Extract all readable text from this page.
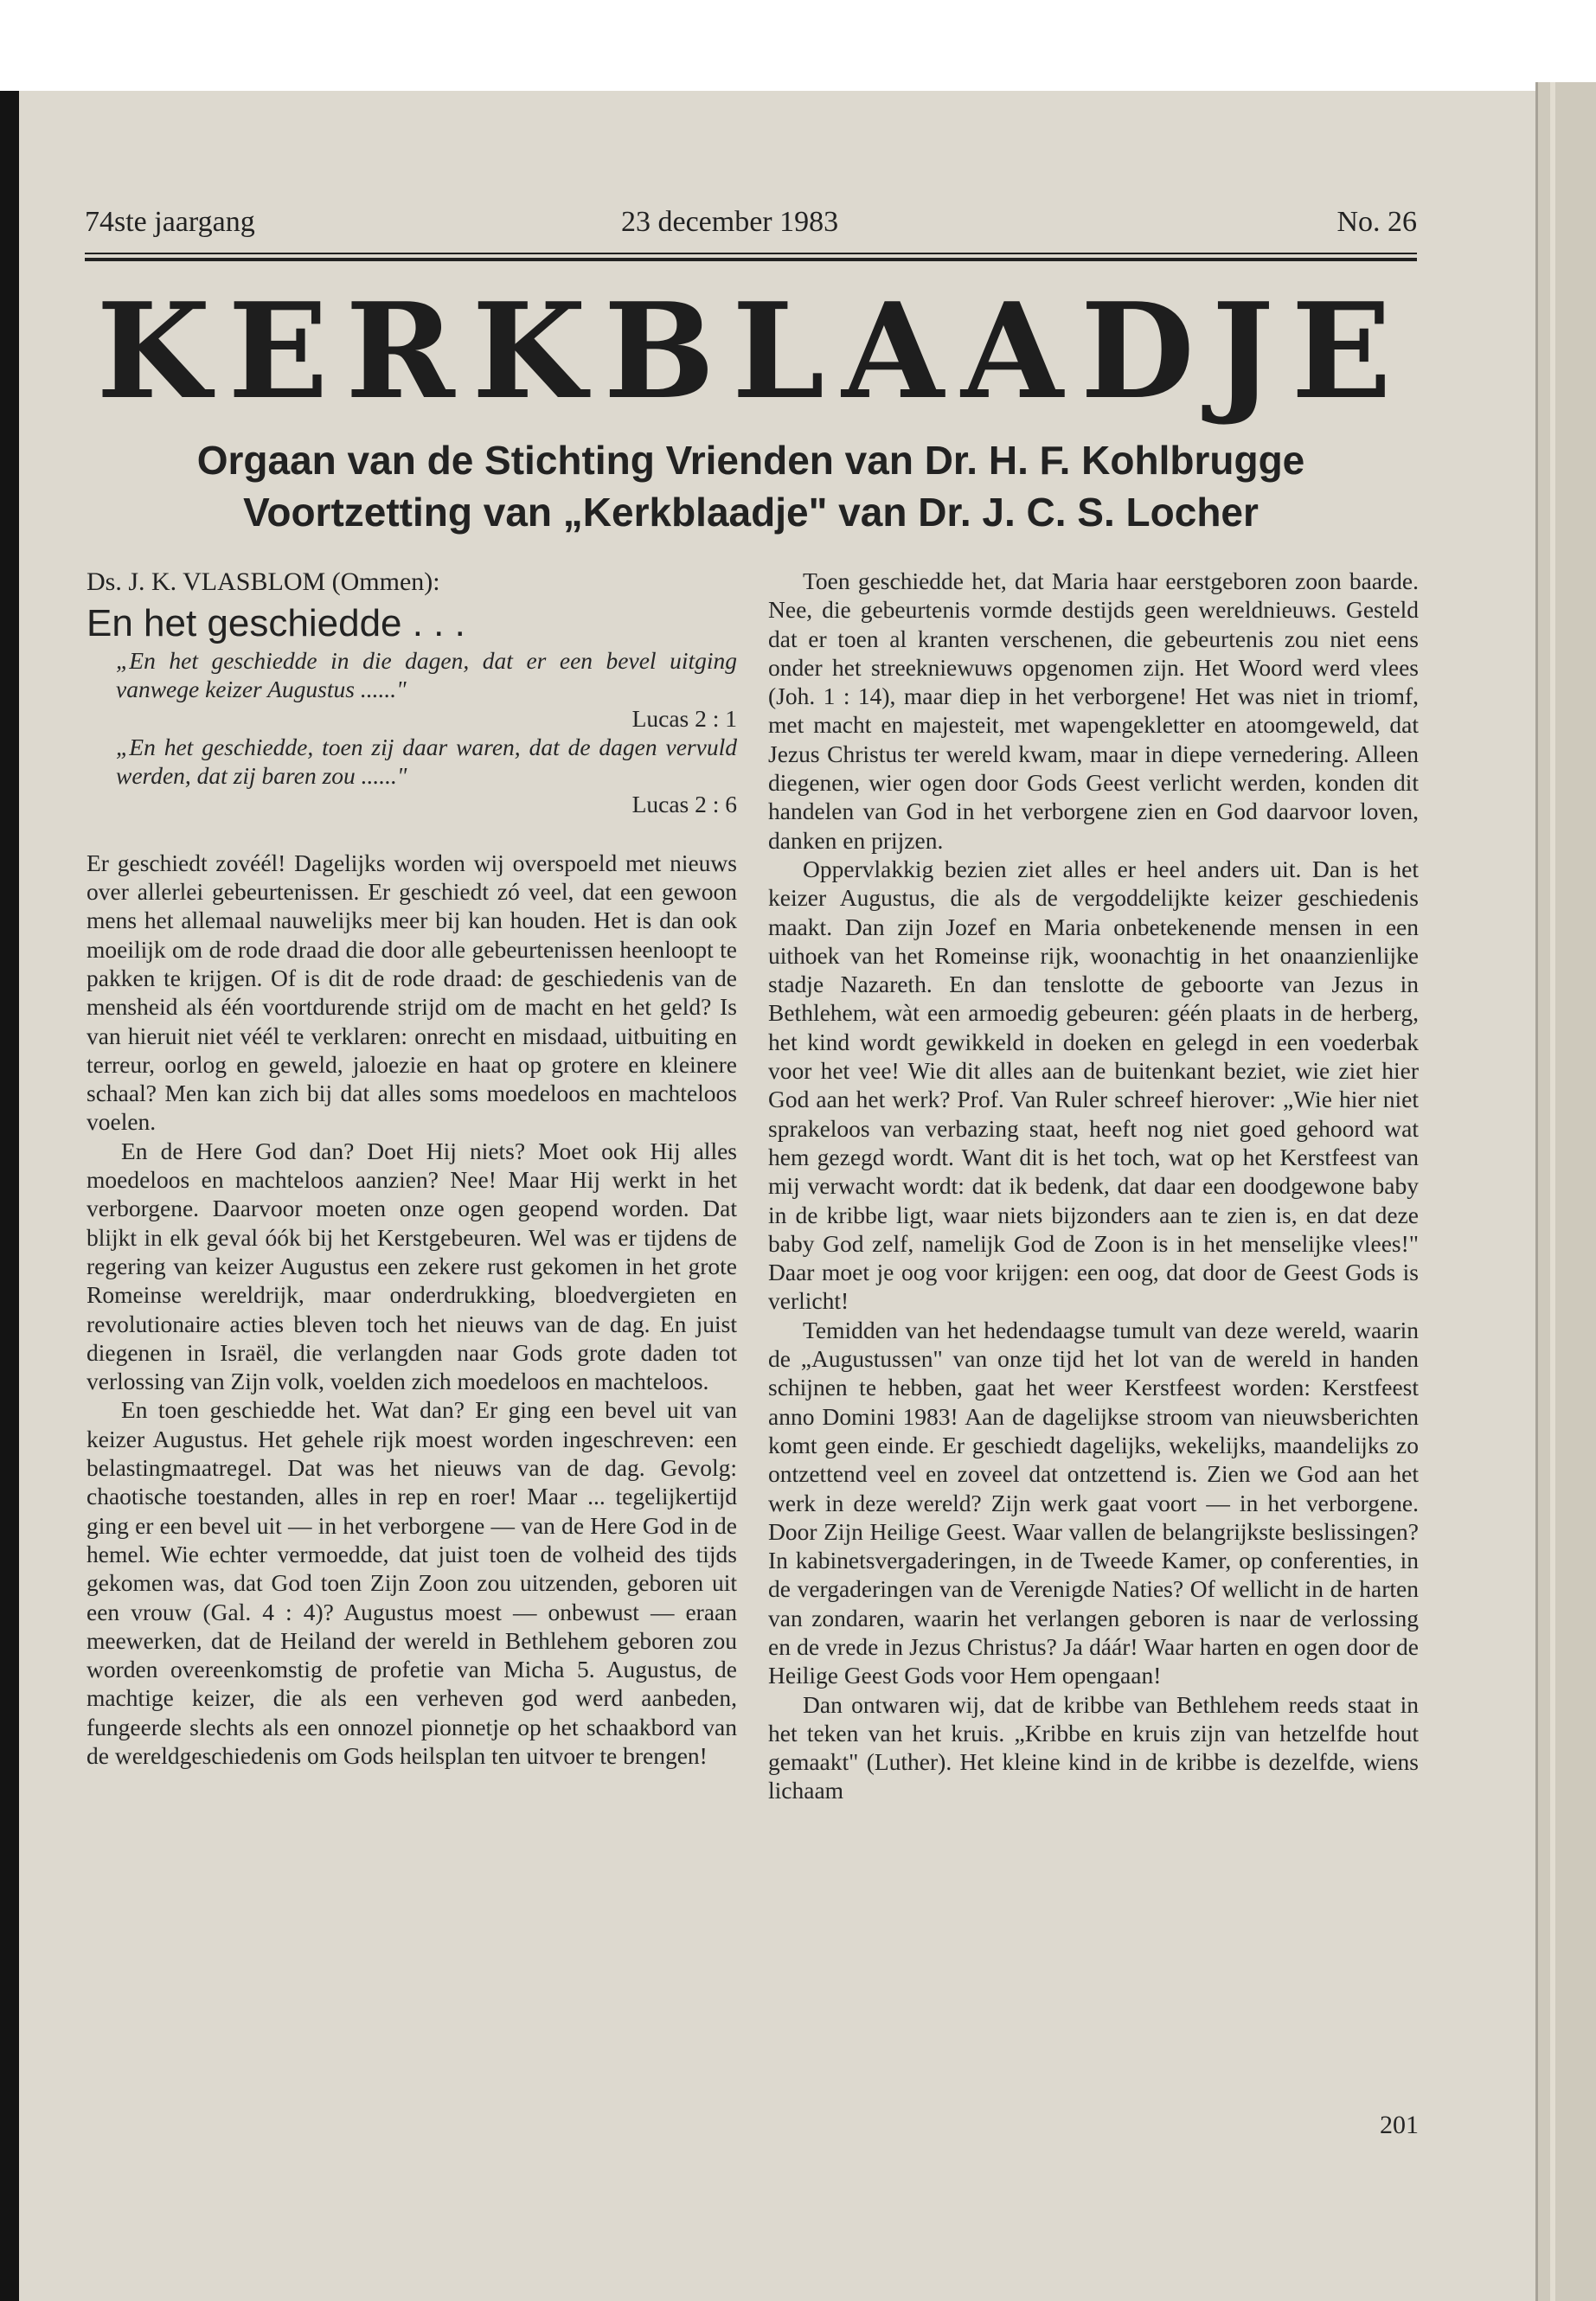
74ste jaargang	23 december 1983	No. 26
KERKBLAADJE
Orgaan van de Stichting Vrienden van Dr. H. F. Kohlbrugge
Voortzetting van „Kerkblaadje" van Dr. J. C. S. Locher
Ds. J. K. VLASBLOM (Ommen):
En het geschiedde . . .

„En het geschiedde in die dagen, dat er een bevel uitging vanwege keizer Augustus ......"

Lucas 2 : 1

„En het geschiedde, toen zij daar waren, dat de dagen vervuld werden, dat zij baren zou ......"

Lucas 2 : 6

Er geschiedt zovéél! Dagelijks worden wij overspoeld met nieuws over allerlei gebeurtenissen. Er geschiedt zó veel, dat een gewoon mens het allemaal nauwelijks meer bij kan houden. Het is dan ook moeilijk om de rode draad die door alle gebeurtenissen heenloopt te pakken te krijgen. Of is dit de rode draad: de geschiedenis van de mensheid als één voortdurende strijd om de macht en het geld? Is van hieruit niet véél te verklaren: onrecht en misdaad, uitbuiting en terreur, oorlog en geweld, jaloezie en haat op grotere en kleinere schaal? Men kan zich bij dat alles soms moedeloos en machteloos voelen.

En de Here God dan? Doet Hij niets? Moet ook Hij alles moedeloos en machteloos aanzien? Nee! Maar Hij werkt in het verborgene. Daarvoor moeten onze ogen geopend worden. Dat blijkt in elk geval óók bij het Kerstgebeuren. Wel was er tijdens de regering van keizer Augustus een zekere rust gekomen in het grote Romeinse wereldrijk, maar onderdrukking, bloedvergieten en revolutionaire acties bleven toch het nieuws van de dag. En juist diegenen in Israël, die verlangden naar Gods grote daden tot verlossing van Zijn volk, voelden zich moedeloos en machteloos.

En toen geschiedde het. Wat dan? Er ging een bevel uit van keizer Augustus. Het gehele rijk moest worden ingeschreven: een belastingmaatregel. Dat was het nieuws van de dag. Gevolg: chaotische toestanden, alles in rep en roer! Maar ... tegelijkertijd ging er een bevel uit — in het verborgene — van de Here God in de hemel. Wie echter vermoedde, dat juist toen de volheid des tijds gekomen was, dat God toen Zijn Zoon zou uitzenden, geboren uit een vrouw (Gal. 4 : 4)? Augustus moest — onbewust — eraan meewerken, dat de Heiland der wereld in Bethlehem geboren zou worden overeenkomstig de profetie van Micha 5. Augustus, de machtige keizer, die als een verheven god werd aanbeden, fungeerde slechts als een onnozel pionnetje op het schaakbord van de wereldgeschiedenis om Gods heilsplan ten uitvoer te brengen!

Toen geschiedde het, dat Maria haar eerstgeboren zoon baarde. Nee, die gebeurtenis vormde destijds geen wereldnieuws. Gesteld dat er toen al kranten verschenen, die gebeurtenis zou niet eens onder het streekniewuws opgenomen zijn. Het Woord werd vlees (Joh. 1 : 14), maar diep in het verborgene! Het was niet in triomf, met macht en majesteit, met wapengekletter en atoomgeweld, dat Jezus Christus ter wereld kwam, maar in diepe vernedering. Alleen diegenen, wier ogen door Gods Geest verlicht werden, konden dit handelen van God in het verborgene zien en God daarvoor loven, danken en prijzen.

Oppervlakkig bezien ziet alles er heel anders uit. Dan is het keizer Augustus, die als de vergoddelijkte keizer geschiedenis maakt. Dan zijn Jozef en Maria onbetekenende mensen in een uithoek van het Romeinse rijk, woonachtig in het onaanzienlijke stadje Nazareth. En dan tenslotte de geboorte van Jezus in Bethlehem, wàt een armoedig gebeuren: géén plaats in de herberg, het kind wordt gewikkeld in doeken en gelegd in een voederbak voor het vee! Wie dit alles aan de buitenkant beziet, wie ziet hier God aan het werk? Prof. Van Ruler schreef hierover: „Wie hier niet sprakeloos van verbazing staat, heeft nog niet goed gehoord wat hem gezegd wordt. Want dit is het toch, wat op het Kerstfeest van mij verwacht wordt: dat ik bedenk, dat daar een doodgewone baby in de kribbe ligt, waar niets bijzonders aan te zien is, en dat deze baby God zelf, namelijk God de Zoon is in het menselijke vlees!" Daar moet je oog voor krijgen: een oog, dat door de Geest Gods is verlicht!

Temidden van het hedendaagse tumult van deze wereld, waarin de „Augustussen" van onze tijd het lot van de wereld in handen schijnen te hebben, gaat het weer Kerstfeest worden: Kerstfeest anno Domini 1983! Aan de dagelijkse stroom van nieuwsberichten komt geen einde. Er geschiedt dagelijks, wekelijks, maandelijks zo ontzettend veel en zoveel dat ontzettend is. Zien we God aan het werk in deze wereld? Zijn werk gaat voort — in het verborgene. Door Zijn Heilige Geest. Waar vallen de belangrijkste beslissingen? In kabinetsvergaderingen, in de Tweede Kamer, op conferenties, in de vergaderingen van de Verenigde Naties? Of wellicht in de harten van zondaren, waarin het verlangen geboren is naar de verlossing en de vrede in Jezus Christus? Ja dáár! Waar harten en ogen door de Heilige Geest Gods voor Hem opengaan!

Dan ontwaren wij, dat de kribbe van Bethlehem reeds staat in het teken van het kruis. „Kribbe en kruis zijn van hetzelfde hout gemaakt" (Luther). Het kleine kind in de kribbe is dezelfde, wiens lichaam

201
